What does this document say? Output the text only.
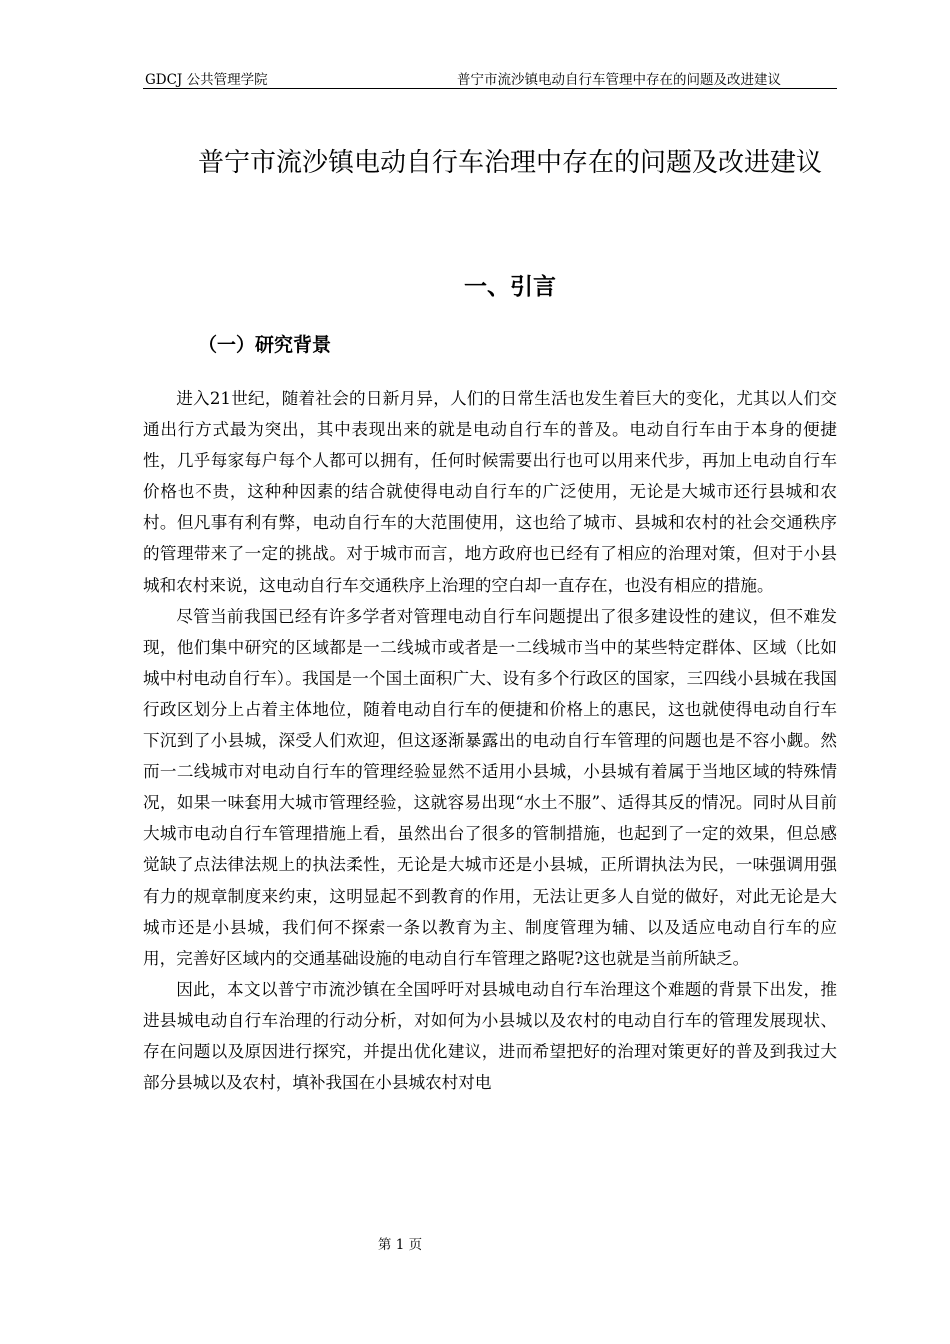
GDCJ 公共管理学院	普宁市流沙镇电动自行车管理中存在的问题及改进建议
普宁市流沙镇电动自行车治理中存在的问题及改进建议
一、引言
（一）研究背景

进入21世纪，随着社会的日新月异，人们的日常生活也发生着巨大的变化，尤其以人们交通出行方式最为突出，其中表现出来的就是电动自行车的普及。电动自行车由于本身的便捷性，几乎每家每户每个人都可以拥有，任何时候需要出行也可以用来代步，再加上电动自行车价格也不贵，这种种因素的结合就使得电动自行车的广泛使用，无论是大城市还行县城和农村。但凡事有利有弊，电动自行车的大范围使用，这也给了城市、县城和农村的社会交通秩序的管理带来了一定的挑战。对于城市而言，地方政府也已经有了相应的治理对策，但对于小县城和农村来说，这电动自行车交通秩序上治理的空白却一直存在，也没有相应的措施。

尽管当前我国已经有许多学者对管理电动自行车问题提出了很多建设性的建议，但不难发现，他们集中研究的区域都是一二线城市或者是一二线城市当中的某些特定群体、区域（比如城中村电动自行车）。我国是一个国土面积广大、设有多个行政区的国家，三四线小县城在我国行政区划分上占着主体地位，随着电动自行车的便捷和价格上的惠民，这也就使得电动自行车下沉到了小县城，深受人们欢迎，但这逐渐暴露出的电动自行车管理的问题也是不容小觑。然而一二线城市对电动自行车的管理经验显然不适用小县城，小县城有着属于当地区域的特殊情况，如果一味套用大城市管理经验，这就容易出现“水土不服”、适得其反的情况。同时从目前大城市电动自行车管理措施上看，虽然出台了很多的管制措施，也起到了一定的效果，但总感觉缺了点法律法规上的执法柔性，无论是大城市还是小县城，正所谓执法为民，一味强调用强有力的规章制度来约束，这明显起不到教育的作用，无法让更多人自觉的做好，对此无论是大城市还是小县城，我们何不探索一条以教育为主、制度管理为辅、以及适应电动自行车的应用，完善好区域内的交通基础设施的电动自行车管理之路呢?这也就是当前所缺乏。

因此，本文以普宁市流沙镇在全国呼吁对县城电动自行车治理这个难题的背景下出发，推进县城电动自行车治理的行动分析，对如何为小县城以及农村的电动自行车的管理发展现状、存在问题以及原因进行探究，并提出优化建议，进而希望把好的治理对策更好的普及到我过大部分县城以及农村，填补我国在小县城农村对电

第 1 页
